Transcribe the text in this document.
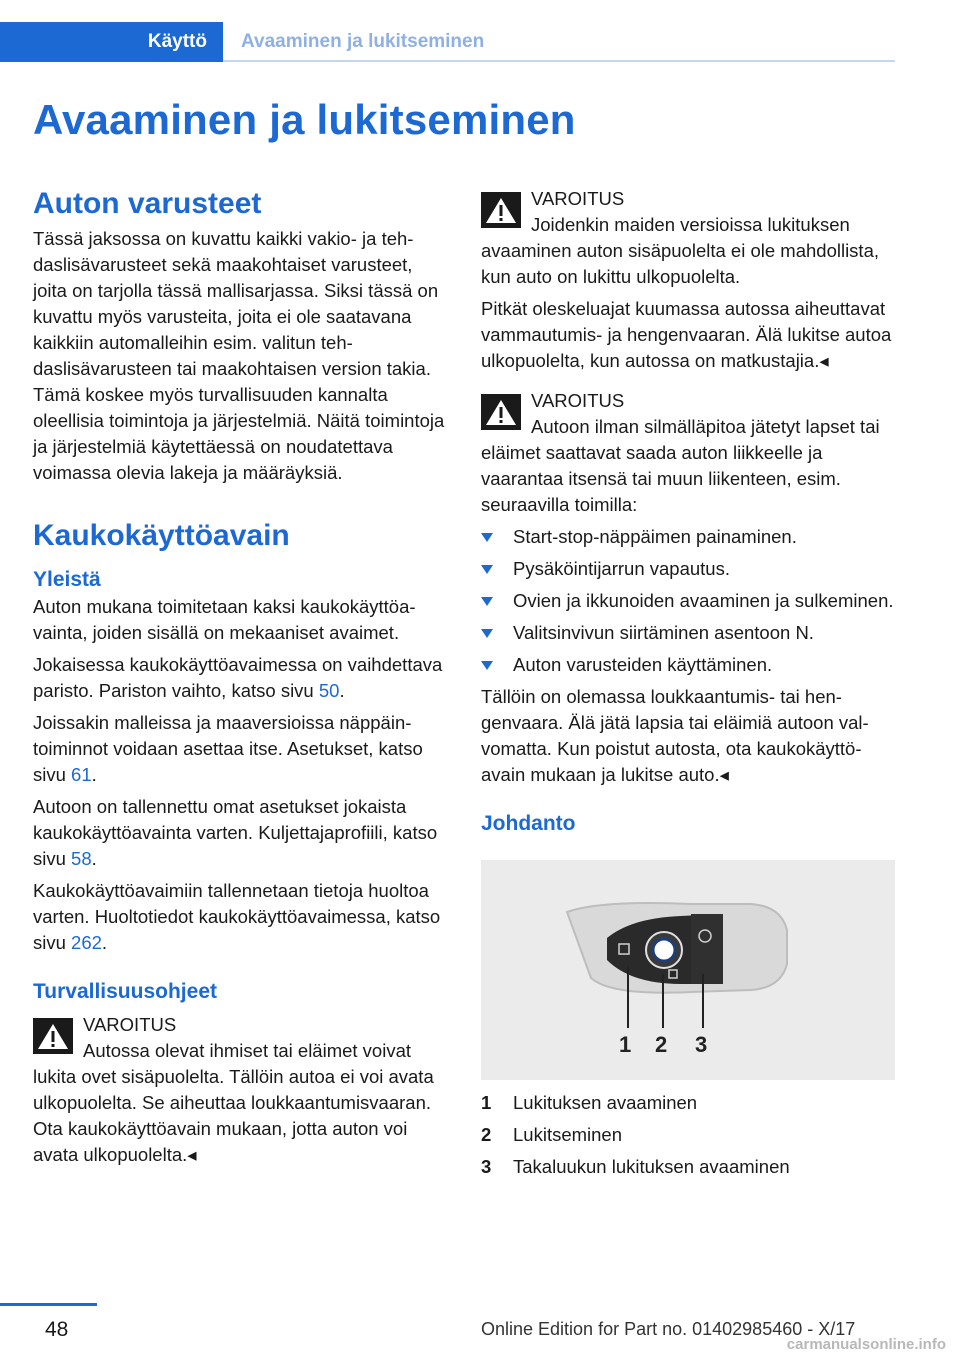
Käyttö	Avaaminen ja lukitseminen
Avaaminen ja lukitseminen
Auton varusteet

Tässä jaksossa on kuvattu kaikki vakio- ja tehdaslisävarusteet sekä maakohtaiset varusteet, joita on tarjolla tässä mallisarjassa. Siksi tässä on kuvattu myös varusteita, joita ei ole saatavana kaikkiin automalleihin esim. valitun tehdaslisävarusteen tai maakohtaisen version takia. Tämä koskee myös turvallisuuden kannalta oleellisia toimintoja ja järjestelmiä. Näitä toimintoja ja järjestelmiä käytettäessä on noudatettava voimassa olevia lakeja ja määräyksiä.

Kaukokäyttöavain
Yleistä

Auton mukana toimitetaan kaksi kaukokäyttöavainta, joiden sisällä on mekaaniset avaimet.

Jokaisessa kaukokäyttöavaimessa on vaihdettava paristo. Pariston vaihto, katso sivu 50.

Joissakin malleissa ja maaversioissa näppäintoiminnot voidaan asettaa itse. Asetukset, katso sivu 61.

Autoon on tallennettu omat asetukset jokaista kaukokäyttöavainta varten. Kuljettajaprofiili, katso sivu 58.

Kaukokäyttöavaimiin tallennetaan tietoja huoltoa varten. Huoltotiedot kaukokäyttöavaimessa, katso sivu 262.

Turvallisuusohjeet
VAROITUS
Autossa olevat ihmiset tai eläimet voivat lukita ovet sisäpuolelta. Tällöin autoa ei voi avata ulkopuolelta. Se aiheuttaa loukkaantumisvaaran. Ota kaukokäyttöavain mukaan, jotta auton voi avata ulkopuolelta.◂
VAROITUS

Joidenkin maiden versioissa lukituksen avaaminen auton sisäpuolelta ei ole mahdollista, kun auto on lukittu ulkopuolelta.

Pitkät oleskeluajat kuumassa autossa aiheuttavat vammautumis- ja hengenvaaran. Älä lukitse autoa ulkopuolelta, kun autossa on matkustajia.◂

VAROITUS

Autoon ilman silmälläpitoa jätetyt lapset tai eläimet saattavat saada auton liikkeelle ja vaarantaa itsensä tai muun liikenteen, esim. seuraavilla toimilla:

Start-stop-näppäimen painaminen.
Pysäköintijarrun vapautus.
Ovien ja ikkunoiden avaaminen ja sulkeminen.
Valitsinvivun siirtäminen asentoon N.
Auton varusteiden käyttäminen.

Tällöin on olemassa loukkaantumis- tai hengenvaara. Älä jätä lapsia tai eläimiä autoon valvomatta. Kun poistut autosta, ota kaukokäyttöavain mukaan ja lukitse auto.◂

Johdanto
1 2 3
1	Lukituksen avaaminen
2	Lukitseminen
3	Takaluukun lukituksen avaaminen
48	Online Edition for Part no. 01402985460 - X/17
carmanualsonline.info
